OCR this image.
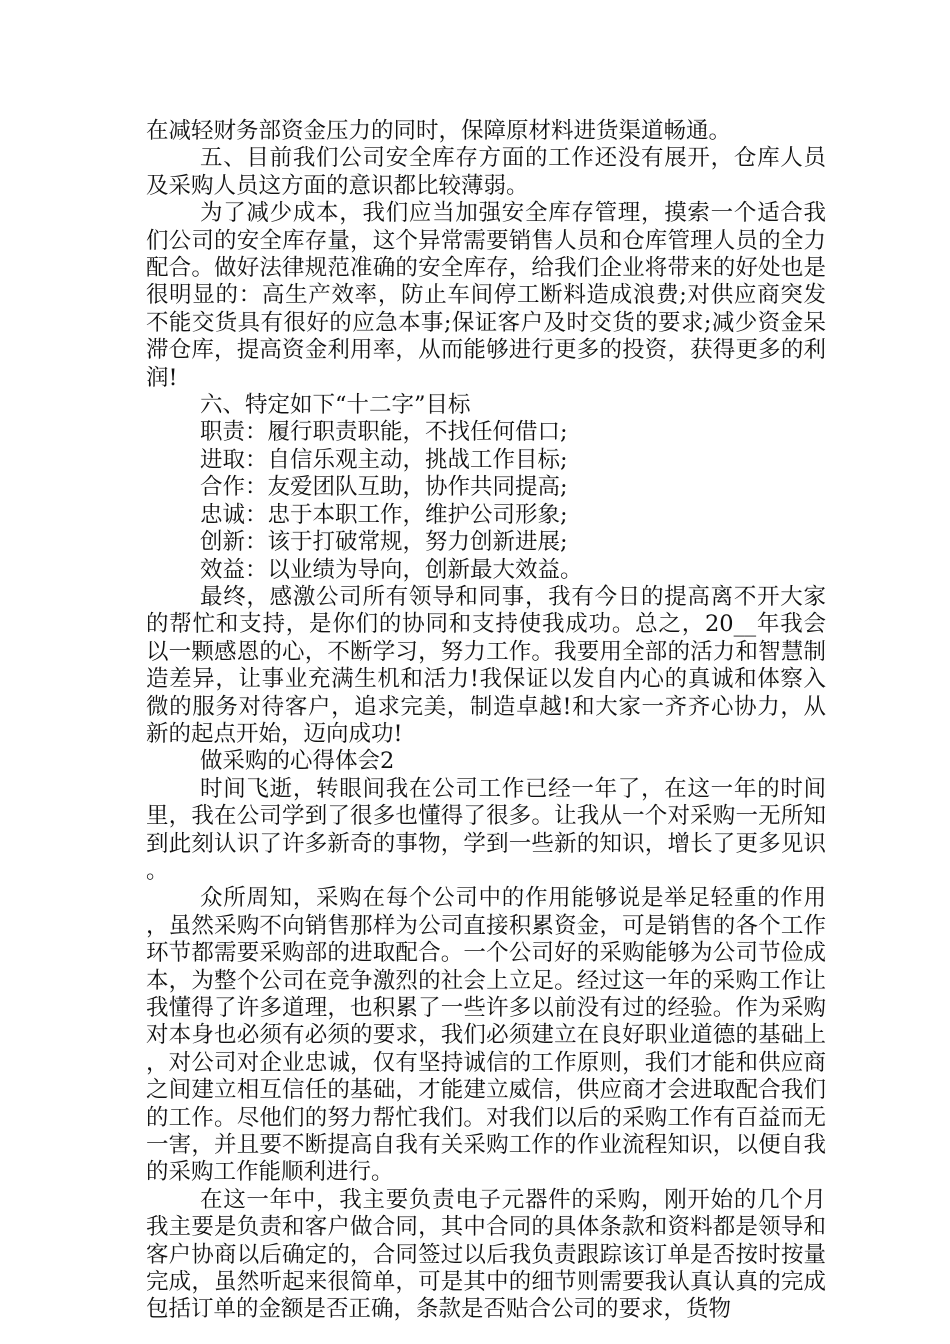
在减轻财务部资金压力的同时，保障原材料进货渠道畅通。

五、目前我们公司安全库存方面的工作还没有展开，仓库人员及采购人员这方面的意识都比较薄弱。

为了减少成本，我们应当加强安全库存管理，摸索一个适合我们公司的安全库存量，这个异常需要销售人员和仓库管理人员的全力配合。做好法律规范准确的安全库存，给我们企业将带来的好处也是很明显的：高生产效率，防止车间停工断料造成浪费;对供应商突发不能交货具有很好的应急本事;保证客户及时交货的要求;减少资金呆滞仓库，提高资金利用率，从而能够进行更多的投资，获得更多的利润!

六、特定如下“十二字”目标

职责：履行职责职能，不找任何借口;

进取：自信乐观主动，挑战工作目标;

合作：友爱团队互助，协作共同提高;

忠诚：忠于本职工作，维护公司形象;

创新：该于打破常规，努力创新进展;

效益：以业绩为导向，创新最大效益。

最终，感激公司所有领导和同事，我有今日的提高离不开大家的帮忙和支持，是你们的协同和支持使我成功。总之，20__年我会以一颗感恩的心，不断学习，努力工作。我要用全部的活力和智慧制造差异，让事业充满生机和活力!我保证以发自内心的真诚和体察入微的服务对待客户，追求完美，制造卓越!和大家一齐齐心协力，从新的起点开始，迈向成功!

做采购的心得体会2

时间飞逝，转眼间我在公司工作已经一年了，在这一年的时间里，我在公司学到了很多也懂得了很多。让我从一个对采购一无所知到此刻认识了许多新奇的事物，学到一些新的知识，增长了更多见识。

众所周知，采购在每个公司中的作用能够说是举足轻重的作用，虽然采购不向销售那样为公司直接积累资金，可是销售的各个工作环节都需要采购部的进取配合。一个公司好的采购能够为公司节俭成本，为整个公司在竞争激烈的社会上立足。经过这一年的采购工作让我懂得了许多道理，也积累了一些许多以前没有过的经验。作为采购对本身也必须有必须的要求，我们必须建立在良好职业道德的基础上，对公司对企业忠诚，仅有坚持诚信的工作原则，我们才能和供应商之间建立相互信任的基础，才能建立威信，供应商才会进取配合我们的工作。尽他们的努力帮忙我们。对我们以后的采购工作有百益而无一害，并且要不断提高自我有关采购工作的作业流程知识，以便自我的采购工作能顺利进行。

在这一年中，我主要负责电子元器件的采购，刚开始的几个月我主要是负责和客户做合同，其中合同的具体条款和资料都是领导和客户协商以后确定的，合同签过以后我负责跟踪该订单是否按时按量完成，虽然听起来很简单，可是其中的细节则需要我认真认真的完成包括订单的金额是否正确，条款是否贴合公司的要求，货物
